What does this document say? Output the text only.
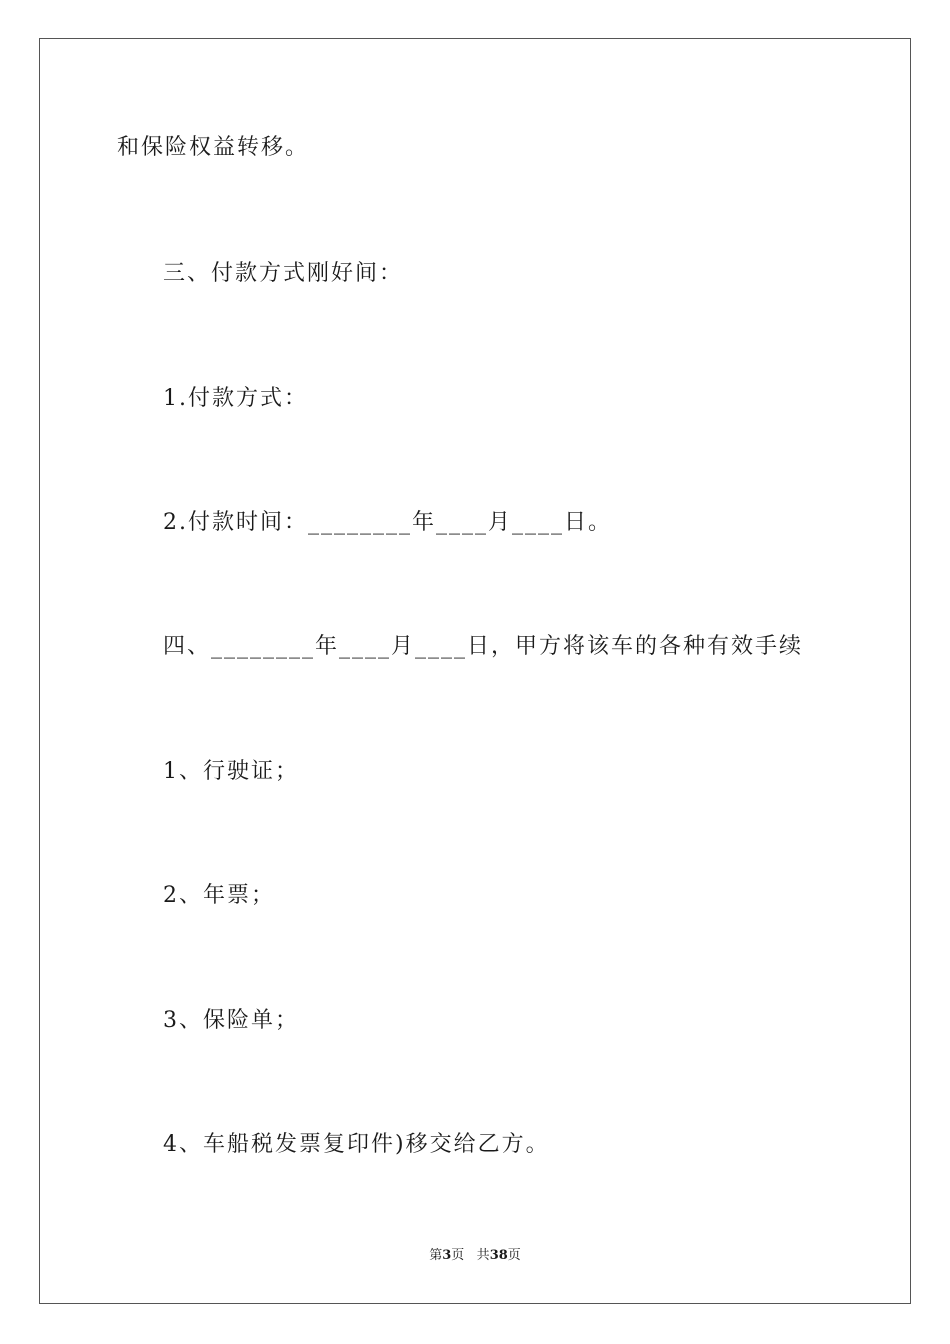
和保险权益转移。
三、付款方式刚好间：
1.付款方式：
2.付款时间：________年____月____日。
四、________年____月____日，甲方将该车的各种有效手续
1、行驶证；
2、年票；
3、保险单；
4、车船税发票复印件)移交给乙方。
第3页 共38页
